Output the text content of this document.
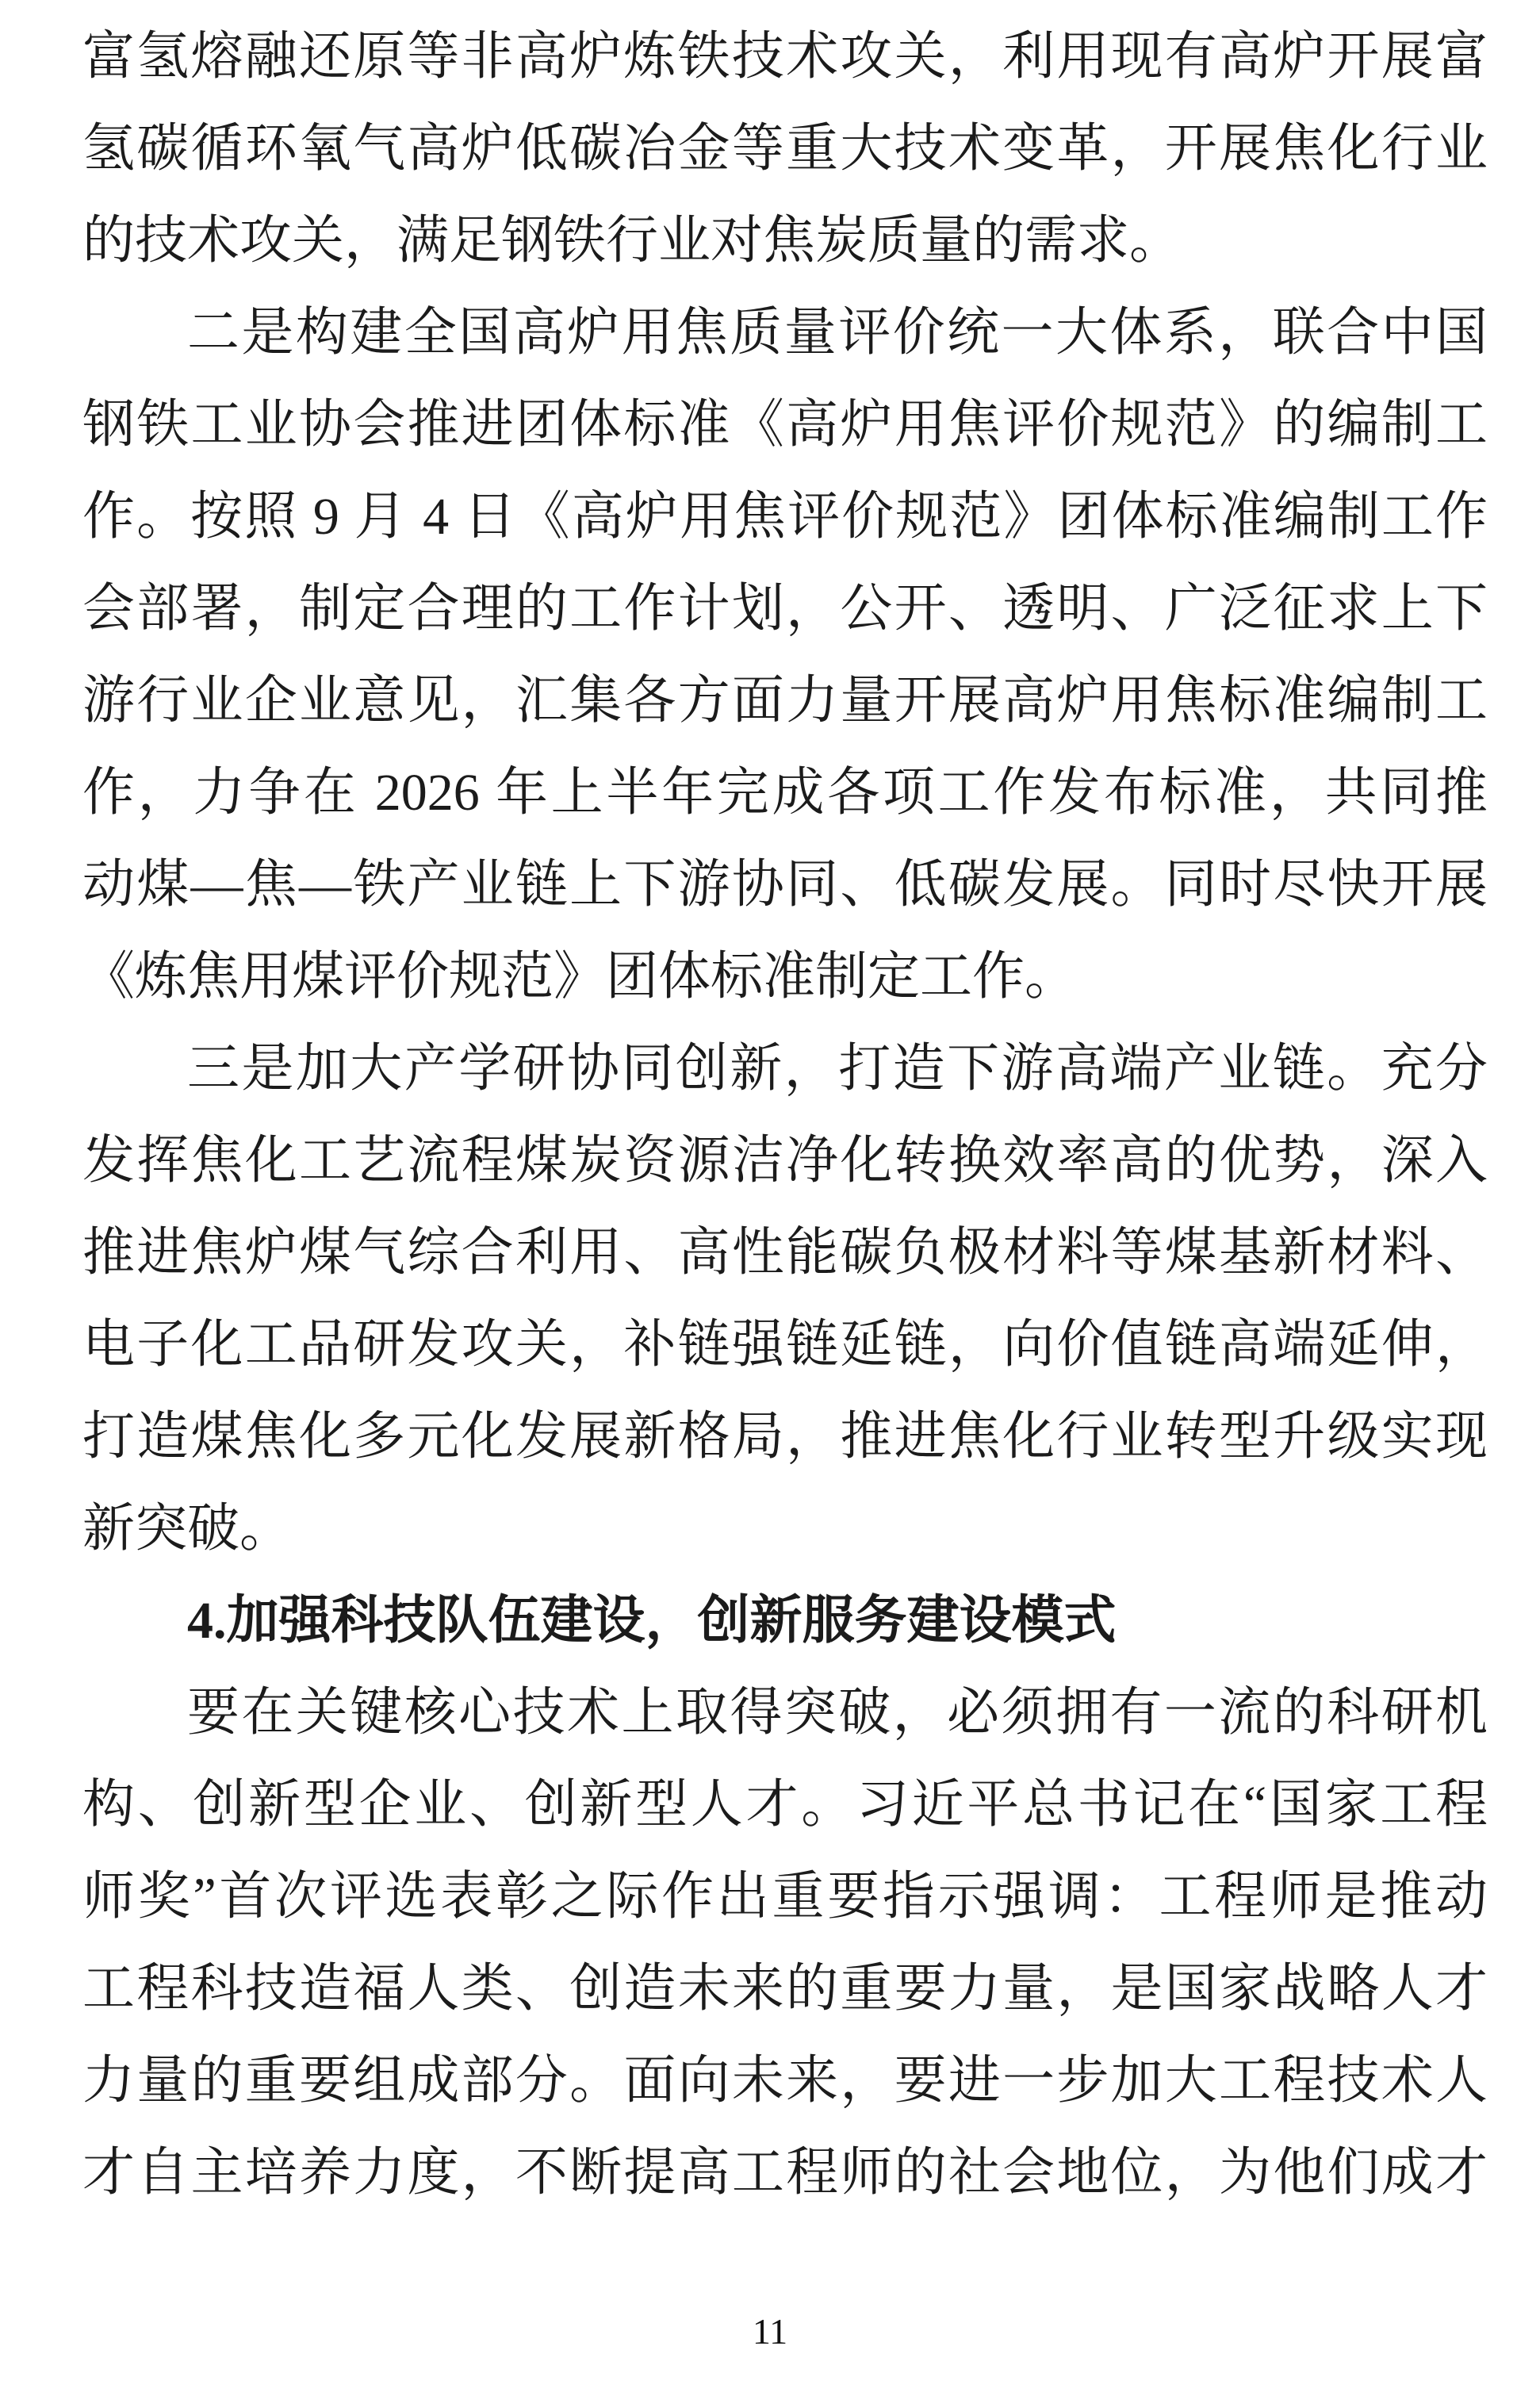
富氢熔融还原等非高炉炼铁技术攻关，利用现有高炉开展富
氢碳循环氧气高炉低碳冶金等重大技术变革，开展焦化行业
的技术攻关，满足钢铁行业对焦炭质量的需求。
二是构建全国高炉用焦质量评价统一大体系，联合中国
钢铁工业协会推进团体标准《高炉用焦评价规范》的编制工
作。按照 9 月 4 日《高炉用焦评价规范》团体标准编制工作
会部署，制定合理的工作计划，公开、透明、广泛征求上下
游行业企业意见，汇集各方面力量开展高炉用焦标准编制工
作，力争在 2026 年上半年完成各项工作发布标准，共同推
动煤—焦—铁产业链上下游协同、低碳发展。同时尽快开展
《炼焦用煤评价规范》团体标准制定工作。
三是加大产学研协同创新，打造下游高端产业链。充分
发挥焦化工艺流程煤炭资源洁净化转换效率高的优势，深入
推进焦炉煤气综合利用、高性能碳负极材料等煤基新材料、
电子化工品研发攻关，补链强链延链，向价值链高端延伸，
打造煤焦化多元化发展新格局，推进焦化行业转型升级实现
新突破。
4.加强科技队伍建设，创新服务建设模式
要在关键核心技术上取得突破，必须拥有一流的科研机
构、创新型企业、创新型人才。习近平总书记在“国家工程
师奖”首次评选表彰之际作出重要指示强调：工程师是推动
工程科技造福人类、创造未来的重要力量，是国家战略人才
力量的重要组成部分。面向未来，要进一步加大工程技术人
才自主培养力度，不断提高工程师的社会地位，为他们成才
11
